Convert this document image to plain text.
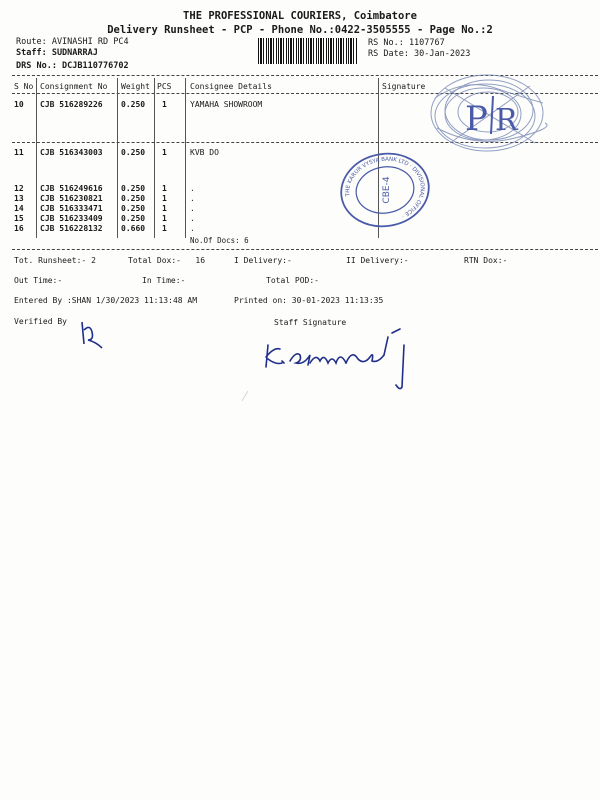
THE PROFESSIONAL COURIERS, Coimbatore
Delivery Runsheet - PCP - Phone No.:0422-3505555 - Page No.:2
Route: AVINASHI RD PC4
Staff: SUDNARRAJ
DRS No.: DCJB110776702
RS No.: 1107767
RS Date: 30-Jan-2023
S No Consignment No Weight PCS Consignee Details	Signature
10 CJB 516289226 0.250 1	YAMAHA SHOWROOM
11 CJB 516343003 0.250 1	KVB DO
12 CJB 516249616 0.250 1	.
13 CJB 516230821 0.250 1	.
14 CJB 516333471 0.250 1	.
15 CJB 516233409 0.250 1	.
16 CJB 516228132 0.660 1	.
No.Of Docs: 6
Tot. Runsheet:- 2	Total Dox:-   16	I Delivery:-	II Delivery:-	RTN Dox:-
Out Time:-	In Time:-	Total POD:-
Entered By :SHAN 1/30/2023 11:13:48 AM	Printed on: 30-01-2023 11:13:35
Verified By	Staff Signature
P R
CBE-4
THE KARUR VYSYA BANK LTD · DIVISIONAL OFFICE ·
